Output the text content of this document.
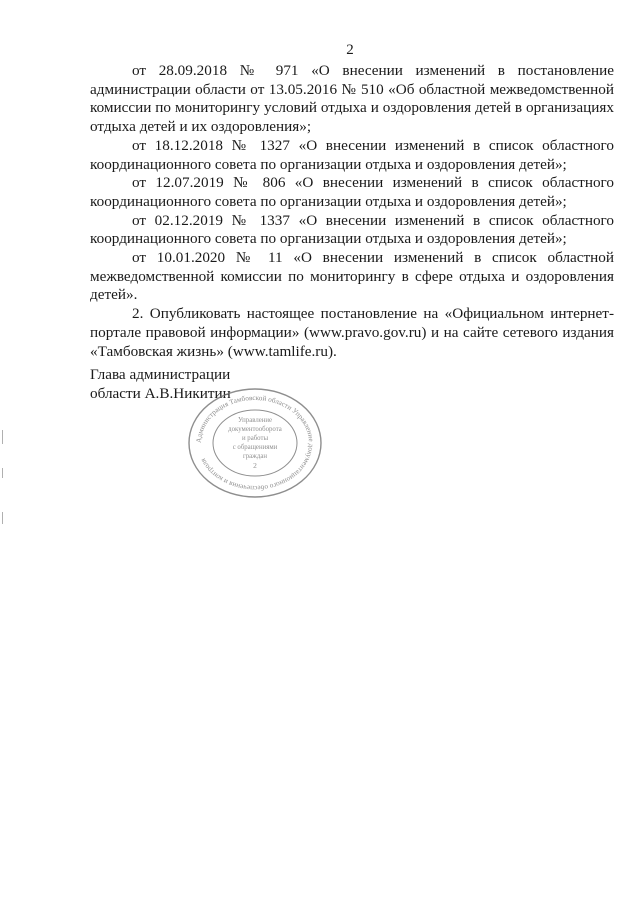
2

от 28.09.2018 № 971 «О внесении изменений в постановление администрации области от 13.05.2016 № 510 «Об областной межведомственной комиссии по мониторингу условий отдыха и оздоровления детей в организациях отдыха детей и их оздоровления»;

от 18.12.2018 № 1327 «О внесении изменений в список областного координационного совета по организации отдыха и оздоровления детей»;

от 12.07.2019 № 806 «О внесении изменений в список областного координационного совета по организации отдыха и оздоровления детей»;

от 02.12.2019 № 1337 «О внесении изменений в список областного координационного совета по организации отдыха и оздоровления детей»;

от 10.01.2020 № 11 «О внесении изменений в список областной межведомственной комиссии по мониторингу в сфере отдыха и оздоровления детей».

2. Опубликовать настоящее постановление на «Официальном интернет-портале правовой информации» (www.pravo.gov.ru) и на сайте сетевого издания «Тамбовская жизнь» (www.tamlife.ru).

Глава администрации
области А.В.Никитин
Администрация Тамбовской области Управление документационного обеспечения и контроля
Управление
документооборота
и работы
с обращениями
граждан
2
